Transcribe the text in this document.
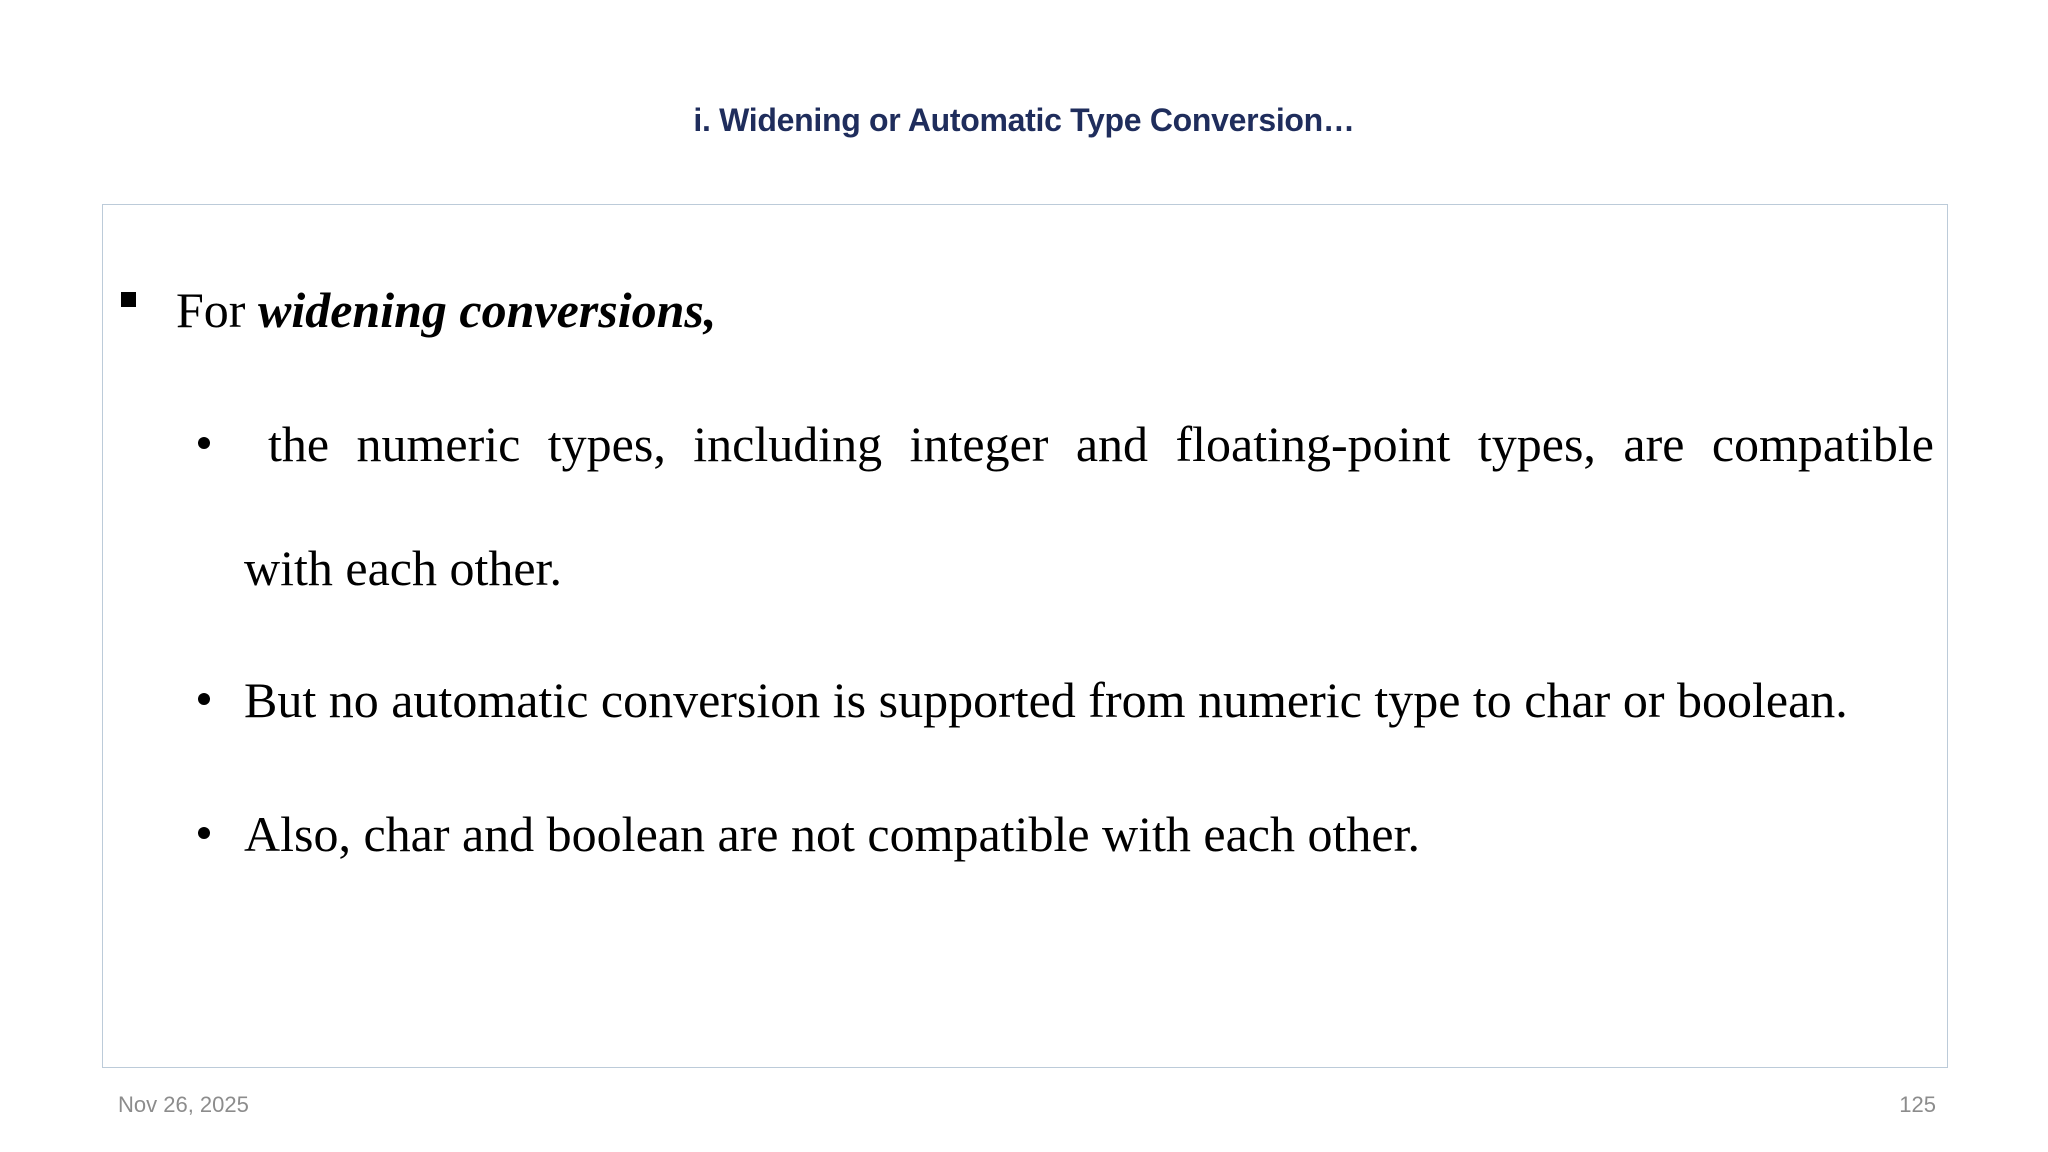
i. Widening or Automatic Type Conversion…
For widening conversions,
the numeric types, including integer and floating-point types, are compatible
with each other.
But no automatic conversion is supported from numeric type to char or boolean.
Also, char and boolean are not compatible with each other.
Nov 26, 2025	125
